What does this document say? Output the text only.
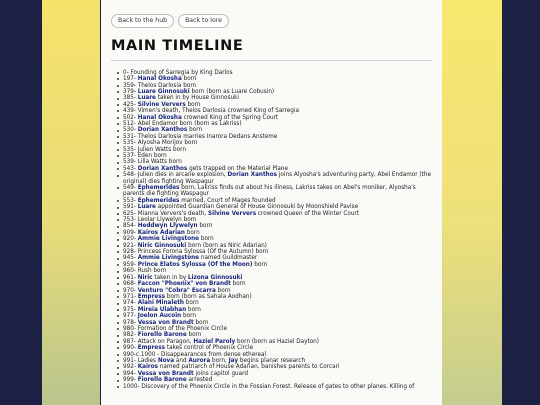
Back to the hub	Back to lore
MAIN TIMELINE
0- Founding of Sarregia by King Darlos
197- Hanal Okosha born
359- Thelos Darlosia born
379- Luare Ginnosuki born (born as Luare Cobusin)
385- Luare taken in by House Ginnosuki
425- Silvine Ververs born
439- Vimen's death, Thelos Darlosia crowned King of Sarregia
502- Hanal Okosha crowned King of the Spring Court
512- Abel Endamor born (born as Lakriss)
530- Dorian Xanthos born
531- Thelos Darlosia marries Inarora Dedans Ansteme
535- Alyosha Morijov born
535- Julien Watts born
537- Eden born
539- Lilla Watts born
543- Dorian Xanthos gets trapped on the Material Plane
548- Julien dies in arcane explosion, Dorian Xanthos joins Alyosha's adventuring party, Abel Endamor (the original) dies fighting Waspagur
549- Ephemerides born, Lakriss finds out about his illness, Lakriss takes on Abel's moniker, Alyosha's parents die fighting Waspagur
553- Ephemerides married, Court of Mages founded
591- Luare appointed Guardian General of House Ginnosuki by Moonshield Pavise
625- Mianna Ververs's death, Silvine Ververs crowned Queen of the Winter Court
753- Leolar Llywelyn born
854- Heddwyn Llywelyn born
909- Kairos Adarian born
920- Ammie Livingstone born
921- Niric Ginnosuki born (born as Niric Adarian)
928- Princess Forona Sylossa (Of the Autumn) born
945- Ammie Livingstone named Guildmaster
959- Prince Elatos Sylossa (Of the Moon) born
960- Rush born
961- Niric taken in by Lizona Ginnosuki
968- Faccon "Phoenix" von Brandt born
970- Venturo "Cobra" Escarra born
971- Empress born (born as Sahala Aodhan)
974- Alani Minaleth born
975- Mireia Ulabhan born
977- Joelon Aucoin born
978- Vessa von Brandt born
980- Formation of the Phoenix Circle
982- Fiorello Barone born
987- Attack on Paragon, Haziel Paroly born (born as Haziel Dayton)
990- Empress takes control of Phoenix Circle
990-c.1000 - Disappearances from dense ethereal
991- Ladies Nova and Aurora born, Jay begins planar research
992- Kairos named patriarch of House Adarian, banishes parents to Corcari
994- Vessa von Brandt joins capitol guard
999- Fiorello Barone arrested
1000- Discovery of the Phoenix Circle in the Fossian Forest. Release of gates to other planes. Killing of
